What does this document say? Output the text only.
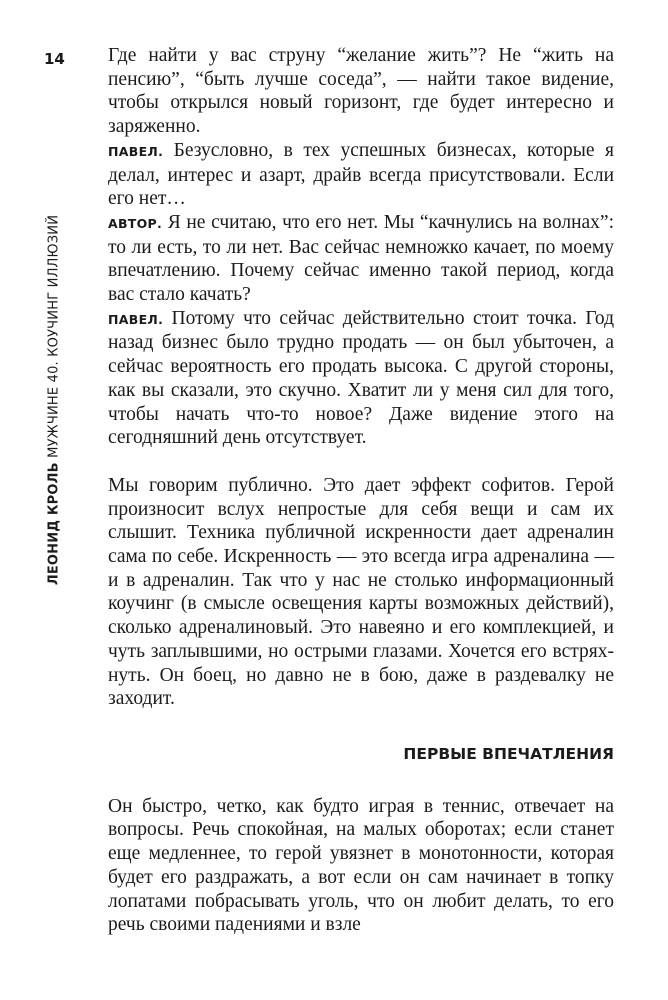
14
ЛЕОНИД КРОЛЬ МУЖЧИНЕ 40. КОУЧИНГ ИЛЛЮЗИЙ

Где найти у вас струну “желание жить”? Не “жить на пенсию”, “быть лучше соседа”, — найти такое видение, чтобы открылся новый горизонт, где будет интересно и заряженно.

ПАВЕЛ. Безусловно, в тех успешных бизнесах, которые я делал, интерес и азарт, драйв всегда присутствовали. Если его нет…

АВТОР. Я не считаю, что его нет. Мы “качнулись на волнах”: то ли есть, то ли нет. Вас сейчас немножко качает, по моему впечатлению. Почему сейчас именно такой период, когда вас стало качать?

ПАВЕЛ. Потому что сейчас действительно стоит точка. Год назад бизнес было трудно продать — он был убыточен, а сейчас вероятность его продать высока. С другой стороны, как вы сказали, это скучно. Хватит ли у меня сил для того, чтобы начать что-то новое? Даже видение этого на сегодняшний день отсутствует.

Мы говорим публично. Это дает эффект софитов. Герой произносит вслух непростые для себя вещи и сам их слышит. Техника публичной искренности дает адреналин сама по себе. Искренность — это всегда игра адреналина — и в адреналин. Так что у нас не столько информационный коучинг (в смысле освещения карты возможных действий), сколько адреналиновый. Это навеяно и его комплекцией, и чуть заплывшими, но острыми глазами. Хочется его встряхнуть. Он боец, но давно не в бою, даже в раздевалку не заходит.

ПЕРВЫЕ ВПЕЧАТЛЕНИЯ

Он быстро, четко, как будто играя в теннис, отвечает на вопросы. Речь спокойная, на малых оборотах; если станет еще медленнее, то герой увязнет в монотонности, которая будет его раздражать, а вот если он сам начинает в топку лопатами побрасывать уголь, что он любит делать, то его речь своими падениями и взле
